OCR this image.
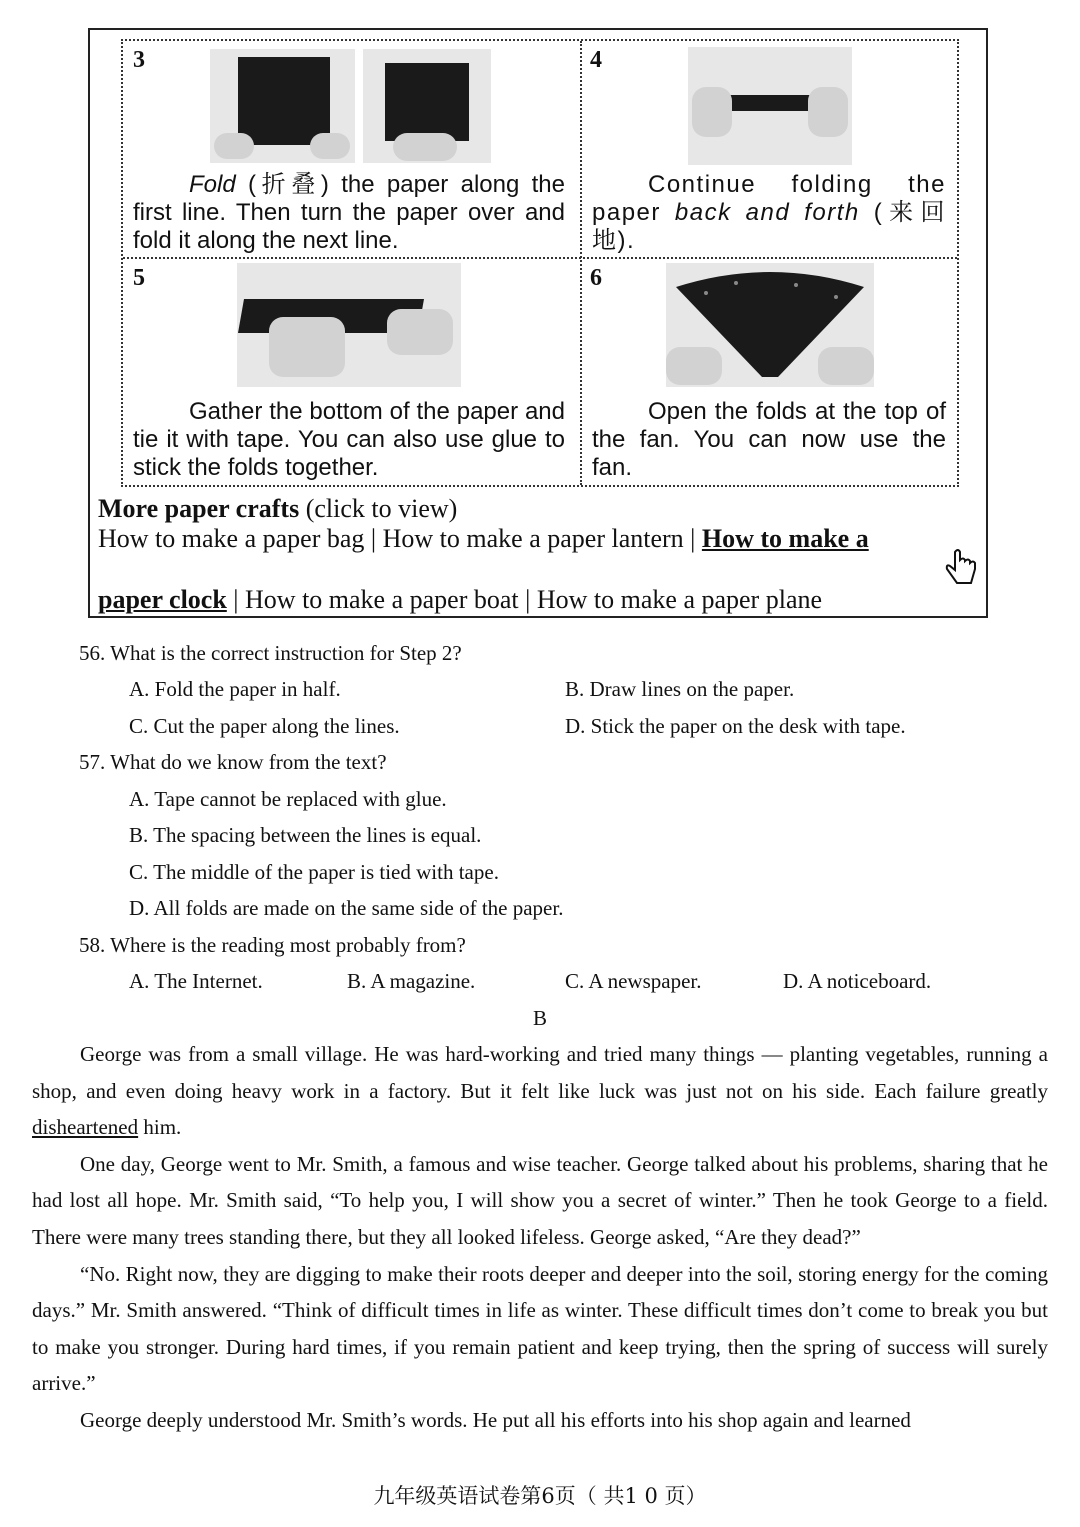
3
Fold (折叠) the paper along the first line. Then turn the paper over and fold it along the next line.
4
Continue folding the paper back and forth (来回地).
5
Gather the bottom of the paper and tie it with tape. You can also use glue to stick the folds together.
6
Open the folds at the top of the fan. You can now use the fan.
More paper crafts (click to view)
How to make a paper bag | How to make a paper lantern | How to make a
paper clock | How to make a paper boat | How to make a paper plane
56. What is the correct instruction for Step 2?
A. Fold the paper in half.	B. Draw lines on the paper.
C. Cut the paper along the lines.	D. Stick the paper on the desk with tape.
57. What do we know from the text?
A. Tape cannot be replaced with glue.
B. The spacing between the lines is equal.
C. The middle of the paper is tied with tape.
D. All folds are made on the same side of the paper.
58. Where is the reading most probably from?
A. The Internet.	B. A magazine.	C. A newspaper.	D. A noticeboard.
B

George was from a small village. He was hard-working and tried many things — planting vegetables, running a shop, and even doing heavy work in a factory. But it felt like luck was just not on his side. Each failure greatly disheartened him.

One day, George went to Mr. Smith, a famous and wise teacher. George talked about his problems, sharing that he had lost all hope. Mr. Smith said, “To help you, I will show you a secret of winter.” Then he took George to a field. There were many trees standing there, but they all looked lifeless. George asked, “Are they dead?”

“No. Right now, they are digging to make their roots deeper and deeper into the soil, storing energy for the coming days.” Mr. Smith answered. “Think of difficult times in life as winter. These difficult times don’t come to break you but to make you stronger. During hard times, if you remain patient and keep trying, then the spring of success will surely arrive.”

George deeply understood Mr. Smith’s words. He put all his efforts into his shop again and learned

九年级英语试卷第6页（ 共1 0 页）
